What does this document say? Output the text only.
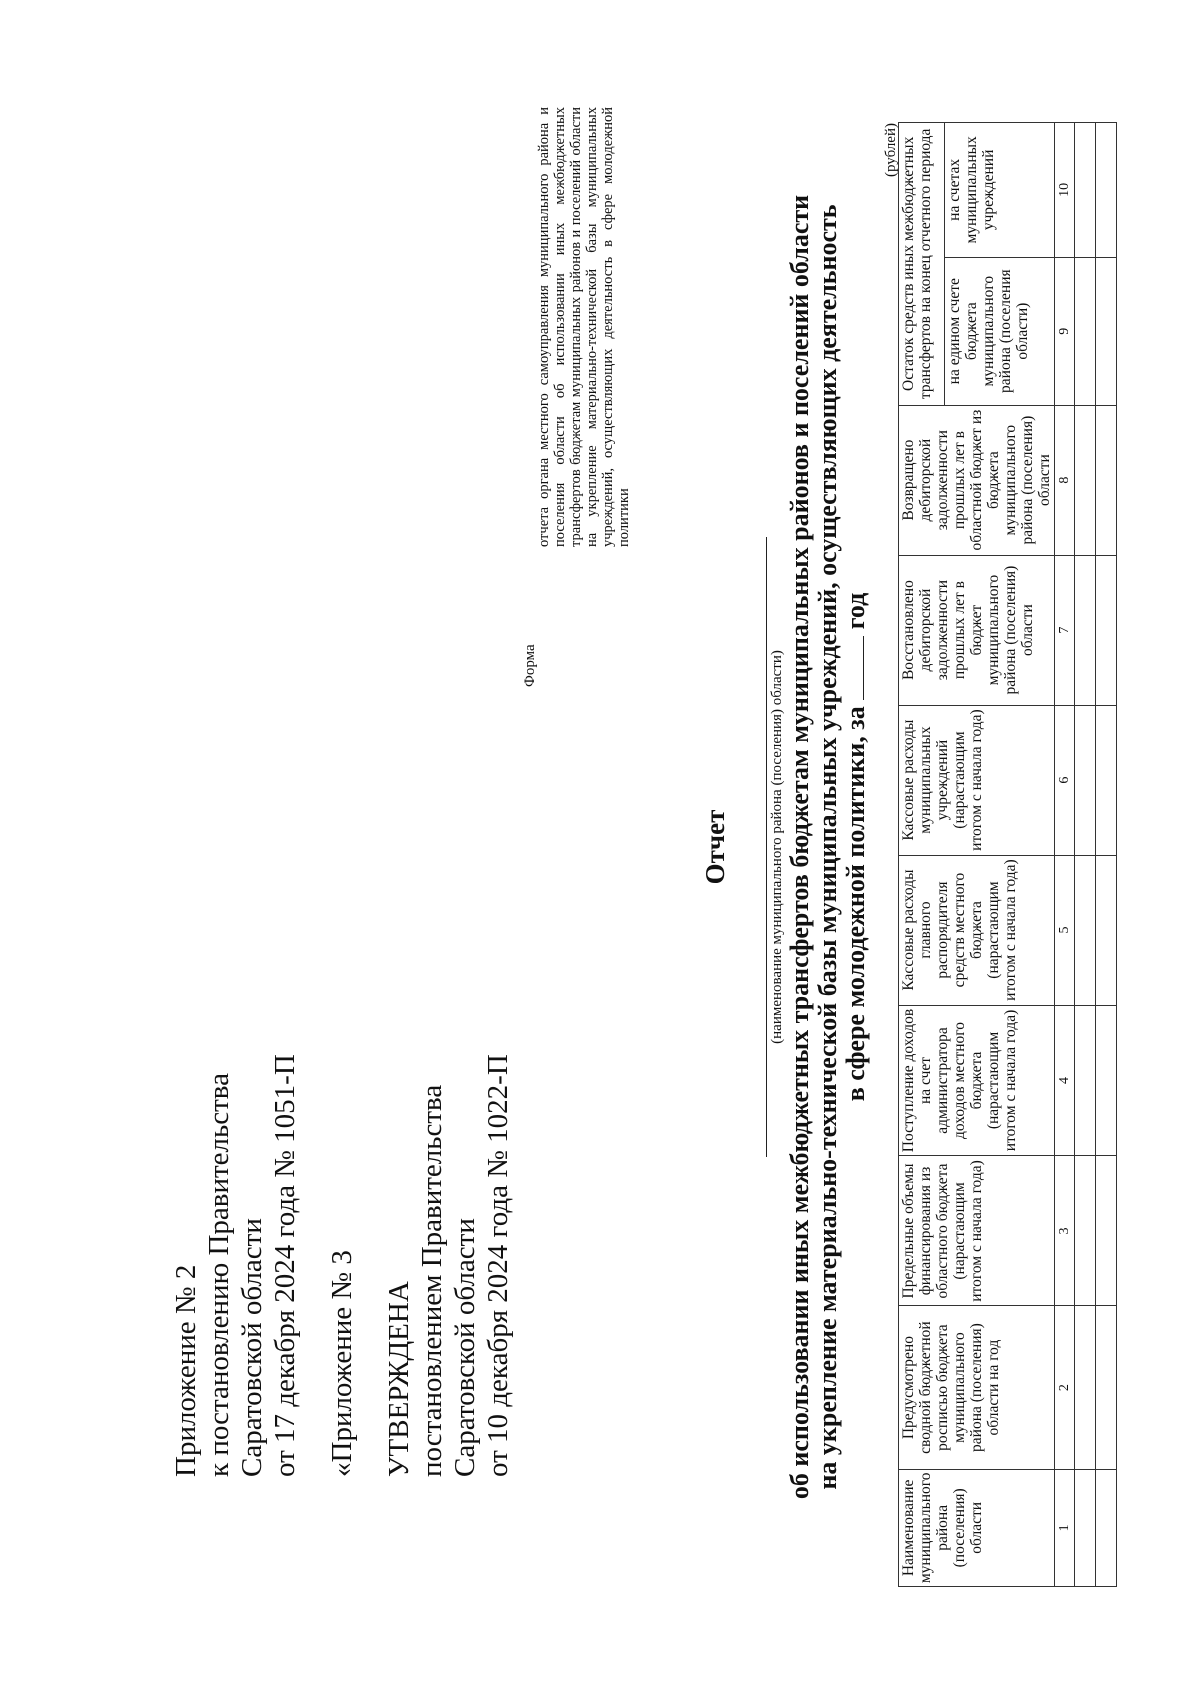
Приложение № 2 к постановлению Правительства Саратовской области от 17 декабря 2024 года № 1051-П «Приложение № 3 УТВЕРЖДЕНА постановлением Правительства Саратовской области от 10 декабря 2024 года № 1022-П

Форма
отчета органа местного самоуправления муниципального района и поселения области об использовании иных межбюджетных трансфертов бюджетам муниципальных районов и поселений области на укрепление материально-технической базы муниципальных учреждений, осуществляющих деятельность в сфере молодежной политики
Отчет	(наименование муниципального района (поселения) области) об использовании иных межбюджетных трансфертов бюджетам муниципальных районов и поселений области на укрепление материально-технической базы муниципальных учреждений, осуществляющих деятельность в сфере молодежной политики, за  год
(рублей)
Наименование муниципального района (поселения) области	Предусмотрено сводной бюджетной росписью бюджета муниципального района (поселения) области на год	Предельные объемы финансирования из областного бюджета (нарастающим итогом с начала года)	Поступление доходов на счет администратора доходов местного бюджета (нарастающим итогом с начала года)	Кассовые расходы главного распорядителя средств местного бюджета (нарастающим итогом с начала года)	Кассовые расходы муниципальных учреждений (нарастающим итогом с начала года)	Восстановлено дебиторской задолженности прошлых лет в бюджет муниципального района (поселения) области	Возвращено дебиторской задолженности прошлых лет в областной бюджет из бюджета муниципального района (поселения) области	Остаток средств иных межбюджетных трансфертов на конец отчетного периода	
								на едином счете бюджета муниципального района (поселения области)	на счетах муниципальных учреждений
1	2	3	4	5	6	7	8	9	10
